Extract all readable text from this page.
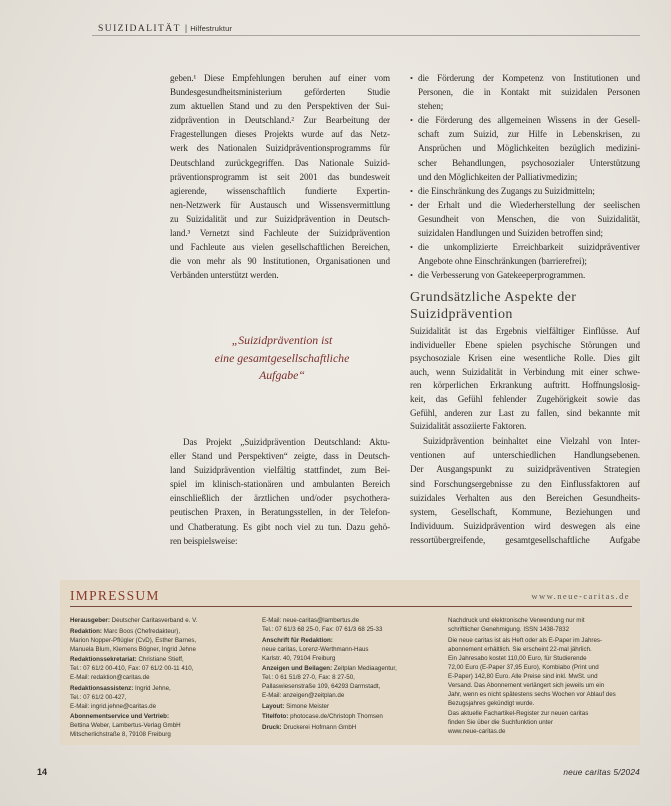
SUIZIDALITÄT | Hilfestruktur
geben.¹ Diese Empfehlungen beruhen auf einer vom
Bundesgesundheitsministerium geförderten Studie
zum aktuellen Stand und zu den Perspektiven der Sui-
zidprävention in Deutschland.² Zur Bearbeitung der
Fragestellungen dieses Projekts wurde auf das Netz-
werk des Nationalen Suizidpräventionsprogramms für
Deutschland zurückgegriffen. Das Nationale Suizid-
präventionsprogramm ist seit 2001 das bundesweit
agierende, wissenschaftlich fundierte Expertin-
nen-Netzwerk für Austausch und Wissensvermittlung
zu Suizidalität und zur Suizidprävention in Deutsch-
land.³ Vernetzt sind Fachleute der Suizidprävention
und Fachleute aus vielen gesellschaftlichen Bereichen,
die von mehr als 90 Institutionen, Organisationen und
Verbänden unterstützt werden.
„Suizidprävention ist
eine gesamtgesellschaftliche
Aufgabe“
Das Projekt „Suizidprävention Deutschland: Aktu-
eller Stand und Perspektiven“ zeigte, dass in Deutsch-
land Suizidprävention vielfältig stattfindet, zum Bei-
spiel im klinisch-stationären und ambulanten Bereich
einschließlich der ärztlichen und/oder psychothera-
peutischen Praxen, in Beratungsstellen, in der Telefon-
und Chatberatung. Es gibt noch viel zu tun. Dazu gehö-
ren beispielsweise:
• die Förderung der Kompetenz von Institutionen und
Personen, die in Kontakt mit suizidalen Personen
stehen;
• die Förderung des allgemeinen Wissens in der Gesell-
schaft zum Suizid, zur Hilfe in Lebenskrisen, zu
Ansprüchen und Möglichkeiten bezüglich medizini-
scher Behandlungen, psychosozialer Unterstützung
und den Möglichkeiten der Palliativmedizin;
• die Einschränkung des Zugangs zu Suizidmitteln;
• der Erhalt und die Wiederherstellung der seelischen
Gesundheit von Menschen, die von Suizidalität,
suizidalen Handlungen und Suiziden betroffen sind;
• die unkomplizierte Erreichbarkeit suizidpräventiver
Angebote ohne Einschränkungen (barrierefrei);
• die Verbesserung von Gatekeeperprogrammen.
Grundsätzliche Aspekte der
Suizidprävention
Suizidalität ist das Ergebnis vielfältiger Einflüsse. Auf
individueller Ebene spielen psychische Störungen und
psychosoziale Krisen eine wesentliche Rolle. Dies gilt
auch, wenn Suizidalität in Verbindung mit einer schwe-
ren körperlichen Erkrankung auftritt. Hoffnungslosig-
keit, das Gefühl fehlender Zugehörigkeit sowie das
Gefühl, anderen zur Last zu fallen, sind bekannte mit
Suizidalität assoziierte Faktoren.
Suizidprävention beinhaltet eine Vielzahl von Inter-
ventionen auf unterschiedlichen Handlungsebenen.
Der Ausgangspunkt zu suizidpräventiven Strategien
sind Forschungsergebnisse zu den Einflussfaktoren auf
suizidales Verhalten aus den Bereichen Gesundheits-
system, Gesellschaft, Kommune, Beziehungen und
Individuum. Suizidprävention wird deswegen als eine
ressortübergreifende, gesamtgesellschaftliche Aufgabe
IMPRESSUM	www.neue-caritas.de
Herausgeber: Deutscher Caritasverband e. V.
Redaktion: Marc Boos (Chefredakteur),
Marion Nopper-Pflügler (CvD), Esther Barnes,
Manuela Blum, Klemens Bögner, Ingrid Jehne
Redaktionssekretariat: Christiane Stieff,
Tel.: 07 61/2 00-410, Fax: 07 61/2 00-11 410,
E-Mail: redaktion@caritas.de
Redaktionsassistenz: Ingrid Jehne,
Tel.: 07 61/2 00-427,
E-Mail: ingrid.jehne@caritas.de
Abonnementservice und Vertrieb:
Bettina Weber, Lambertus-Verlag GmbH
Mitscherlichstraße 8, 79108 Freiburg
E-Mail: neue-caritas@lambertus.de
Tel.: 07 61/3 68 25-0, Fax: 07 61/3 68 25-33
Anschrift für Redaktion:
neue caritas, Lorenz-Werthmann-Haus
Karlstr. 40, 79104 Freiburg
Anzeigen und Beilagen: Zeitplan Mediaagentur,
Tel.: 0 61 51/8 27-0, Fax: 8 27-50,
Pallaswiesenstraße 109, 64293 Darmstadt,
E-Mail: anzeigen@zeitplan.de
Layout: Simone Meister
Titelfoto: photocase.de/Christoph Thomsen
Druck: Druckerei Hofmann GmbH
Nachdruck und elektronische Verwendung nur mit
schriftlicher Genehmigung. ISSN 1438-7832
Die neue caritas ist als Heft oder als E-Paper im Jahres-
abonnement erhältlich. Sie erscheint 22-mal jährlich.
Ein Jahresabo kostet 110,00 Euro, für Studierende
72,00 Euro (E-Paper 37,95 Euro), Kombiabo (Print und
E-Paper) 142,80 Euro. Alle Preise sind inkl. MwSt. und
Versand. Das Abonnement verlängert sich jeweils um ein
Jahr, wenn es nicht spätestens sechs Wochen vor Ablauf des
Bezugsjahres gekündigt wurde.
Das aktuelle Fachartikel-Register zur neuen caritas
finden Sie über die Suchfunktion unter
www.neue-caritas.de
14	neue caritas 5/2024
